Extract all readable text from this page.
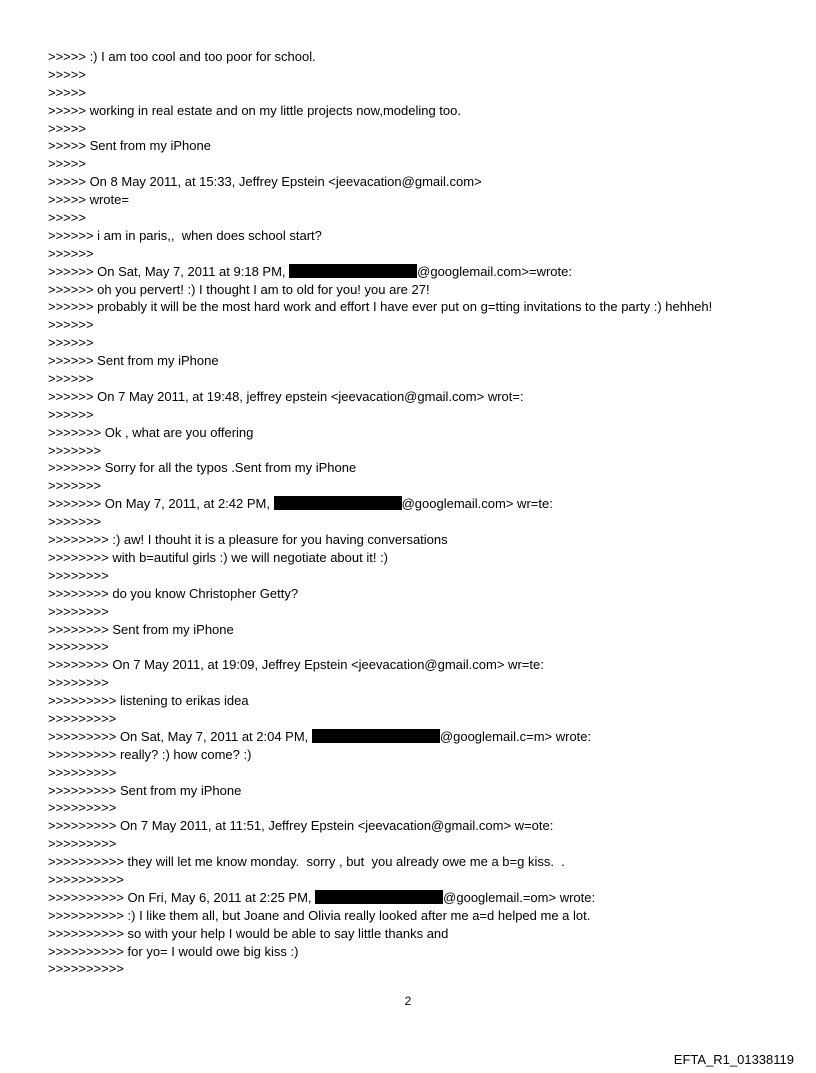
>>>>> :) I am too cool and too poor for school.
>>>>>
>>>>>
>>>>> working in real estate and on my little projects now,modeling too.
>>>>>
>>>>> Sent from my iPhone
>>>>>
>>>>> On 8 May 2011, at 15:33, Jeffrey Epstein <jeevacation@gmail.com>
>>>>> wrote=
>>>>>
>>>>>> i am in paris,,  when does school start?
>>>>>>
>>>>>> On Sat, May 7, 2011 at 9:18 PM,	@googlemail.com>=wrote:
>>>>>> oh you pervert! :) I thought I am to old for you! you are 27!
>>>>>> probably it will be the most hard work and effort I have ever put on g=tting invitations to the party :) hehheh!
>>>>>>
>>>>>>
>>>>>> Sent from my iPhone
>>>>>>
>>>>>> On 7 May 2011, at 19:48, jeffrey epstein <jeevacation@gmail.com> wrot=:
>>>>>>
>>>>>>> Ok , what are you offering
>>>>>>>
>>>>>>> Sorry for all the typos .Sent from my iPhone
>>>>>>>
>>>>>>> On May 7, 2011, at 2:42 PM,	@googlemail.com> wr=te:
>>>>>>>
>>>>>>>> :) aw! I thouht it is a pleasure for you having conversations
>>>>>>>> with b=autiful girls :) we will negotiate about it! :)
>>>>>>>>
>>>>>>>> do you know Christopher Getty?
>>>>>>>>
>>>>>>>> Sent from my iPhone
>>>>>>>>
>>>>>>>> On 7 May 2011, at 19:09, Jeffrey Epstein <jeevacation@gmail.com> wr=te:
>>>>>>>>
>>>>>>>>> listening to erikas idea
>>>>>>>>>
>>>>>>>>> On Sat, May 7, 2011 at 2:04 PM,	@googlemail.c=m> wrote:
>>>>>>>>> really? :) how come? :)
>>>>>>>>>
>>>>>>>>> Sent from my iPhone
>>>>>>>>>
>>>>>>>>> On 7 May 2011, at 11:51, Jeffrey Epstein <jeevacation@gmail.com> w=ote:
>>>>>>>>>
>>>>>>>>>> they will let me know monday.  sorry , but  you already owe me a b=g kiss.  .
>>>>>>>>>>
>>>>>>>>>> On Fri, May 6, 2011 at 2:25 PM,	@googlemail.=om> wrote:
>>>>>>>>>> :) I like them all, but Joane and Olivia really looked after me a=d helped me a lot.
>>>>>>>>>> so with your help I would be able to say little thanks and
>>>>>>>>>> for yo= I would owe big kiss :)
>>>>>>>>>>
2
EFTA_R1_01338119
